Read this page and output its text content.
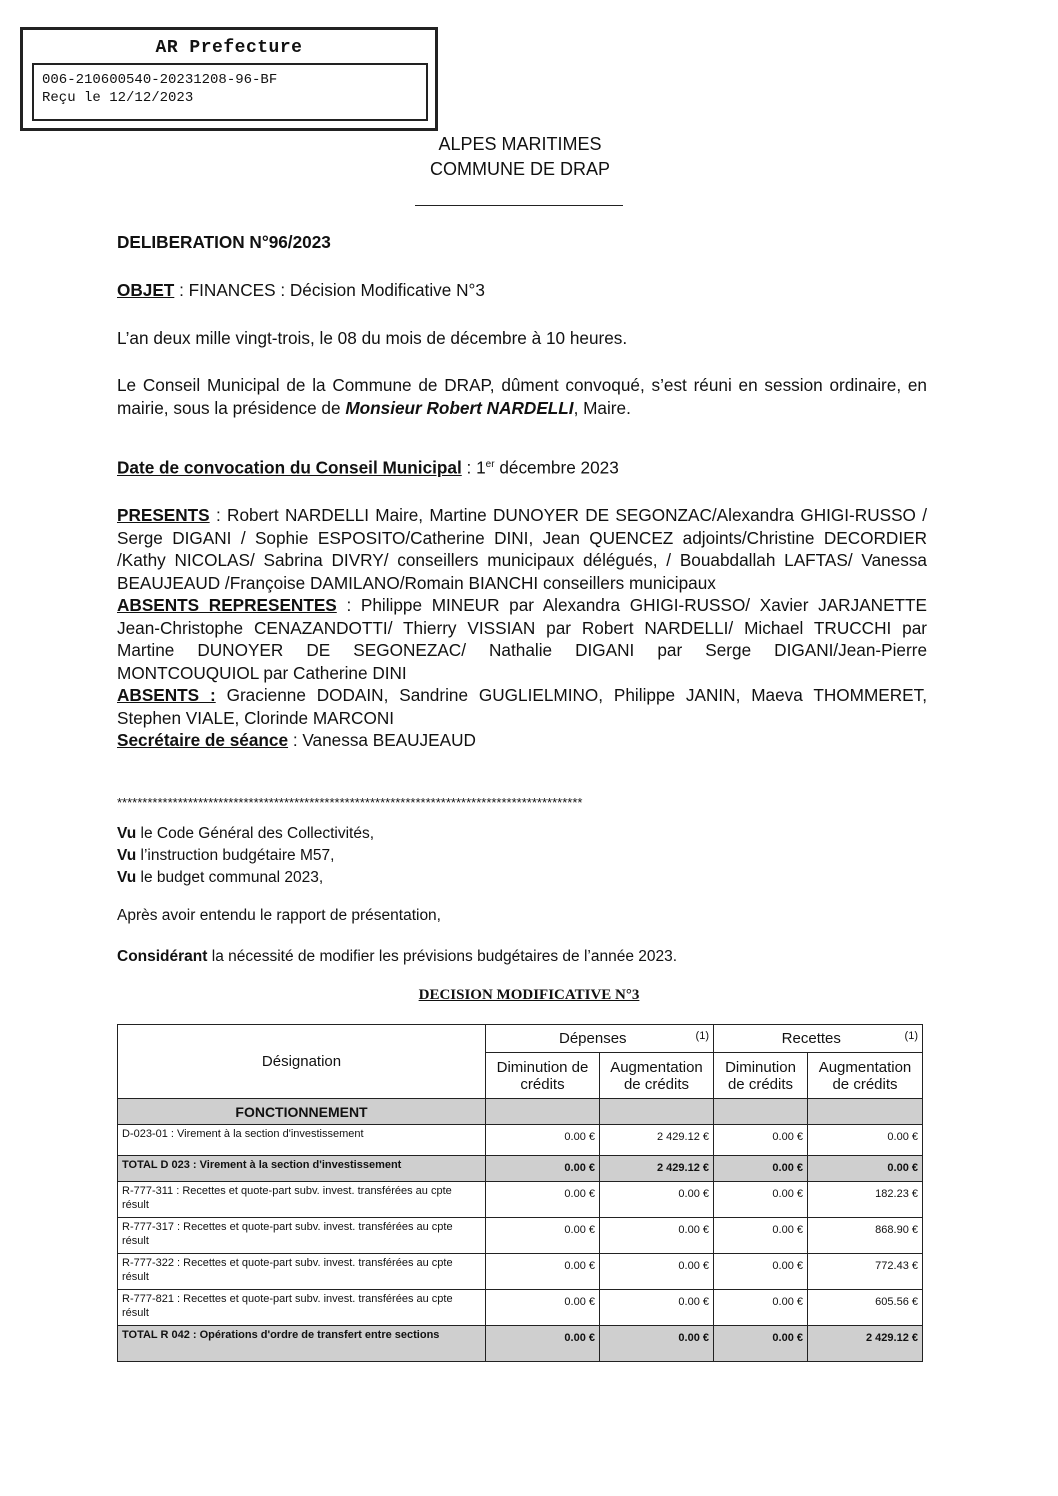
AR Prefecture
006-210600540-20231208-96-BF
Reçu le 12/12/2023
ALPES MARITIMES
COMMUNE DE DRAP
DELIBERATION N°96/2023
OBJET : FINANCES : Décision Modificative N°3
L’an deux mille vingt-trois, le 08 du mois de décembre à 10 heures.
Le Conseil Municipal de la Commune de DRAP, dûment convoqué, s’est réuni en session ordinaire, en mairie, sous la présidence de Monsieur Robert NARDELLI, Maire.
Date de convocation du Conseil Municipal : 1er décembre 2023
PRESENTS : Robert NARDELLI Maire, Martine DUNOYER DE SEGONZAC/Alexandra GHIGI-RUSSO / Serge DIGANI / Sophie ESPOSITO/Catherine DINI, Jean QUENCEZ adjoints/Christine DECORDIER /Kathy NICOLAS/ Sabrina DIVRY/ conseillers municipaux délégués, / Bouabdallah LAFTAS/ Vanessa BEAUJEAUD /Françoise DAMILANO/Romain BIANCHI conseillers municipaux
ABSENTS REPRESENTES : Philippe MINEUR par Alexandra GHIGI-RUSSO/ Xavier JARJANETTE Jean-Christophe CENAZANDOTTI/ Thierry VISSIAN par Robert NARDELLI/ Michael TRUCCHI par Martine DUNOYER DE SEGONEZAC/ Nathalie DIGANI par Serge DIGANI/Jean-Pierre MONTCOUQUIOL par Catherine DINI
ABSENTS : Gracienne DODAIN, Sandrine GUGLIELMINO, Philippe JANIN, Maeva THOMMERET, Stephen VIALE, Clorinde MARCONI
Secrétaire de séance : Vanessa BEAUJEAUD
********************************************************************************************
Vu le Code Général des Collectivités,
Vu l’instruction budgétaire M57,
Vu le budget communal 2023,
Après avoir entendu le rapport de présentation,
Considérant la nécessité de modifier les prévisions budgétaires de l’année 2023.
DECISION MODIFICATIVE N°3
Désignation	Dépenses (1)		Recettes (1)	

	Diminution de crédits	Augmentation de crédits	Diminution de crédits	Augmentation de crédits
FONCTIONNEMENT				
D-023-01 : Virement à la section d'investissement	0.00 €	2 429.12 €	0.00 €	0.00 €
TOTAL D 023 : Virement à la section d'investissement	0.00 €	2 429.12 €	0.00 €	0.00 €
R-777-311 : Recettes et quote-part subv. invest. transférées au cpte résult	0.00 €	0.00 €	0.00 €	182.23 €
R-777-317 : Recettes et quote-part subv. invest. transférées au cpte résult	0.00 €	0.00 €	0.00 €	868.90 €
R-777-322 : Recettes et quote-part subv. invest. transférées au cpte résult	0.00 €	0.00 €	0.00 €	772.43 €
R-777-821 : Recettes et quote-part subv. invest. transférées au cpte résult	0.00 €	0.00 €	0.00 €	605.56 €
TOTAL R 042 : Opérations d'ordre de transfert entre sections	0.00 €	0.00 €	0.00 €	2 429.12 €
